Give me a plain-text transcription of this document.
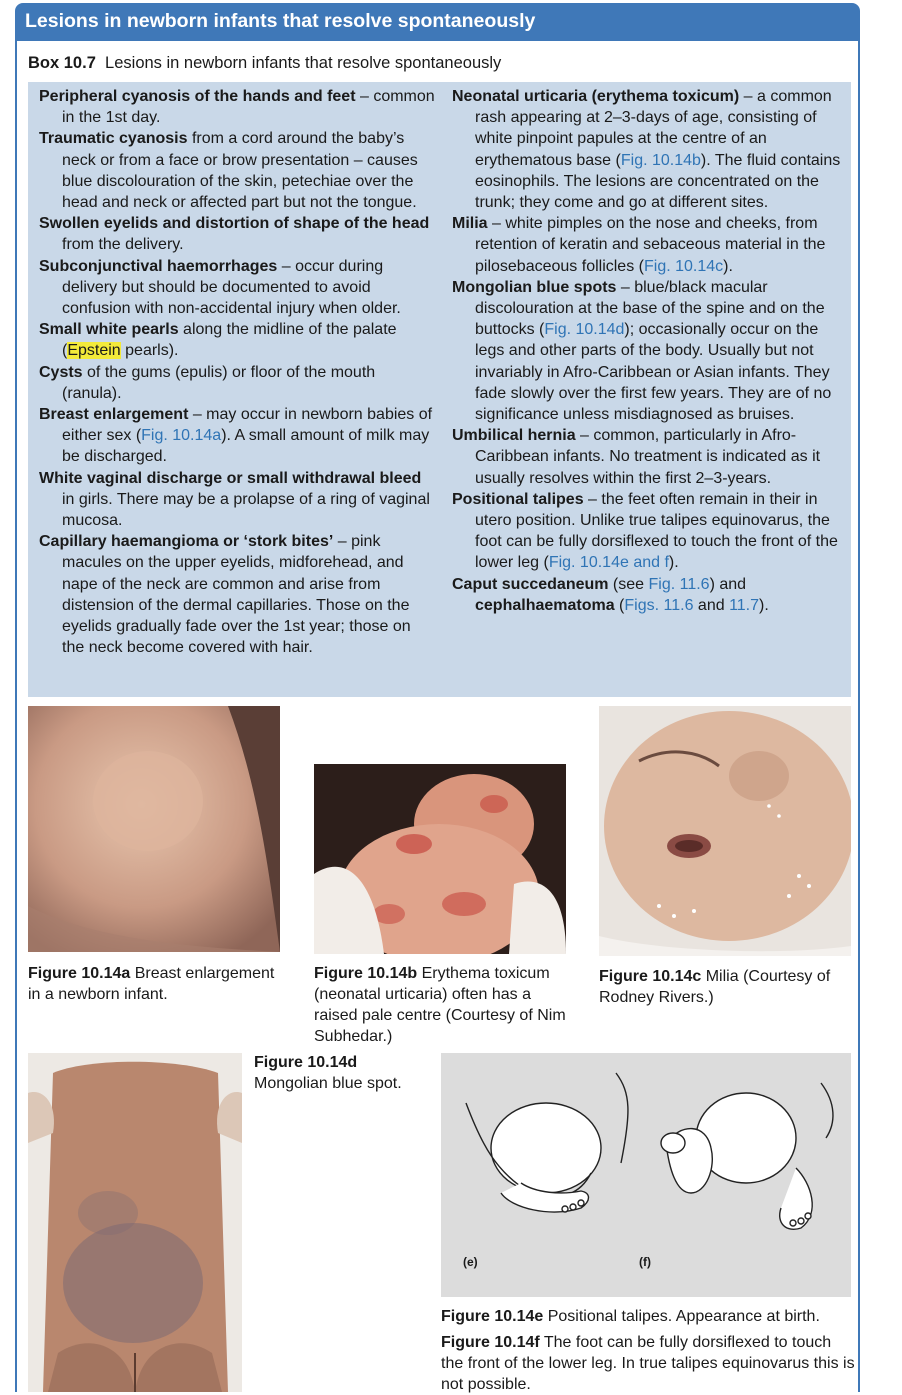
Lesions in newborn infants that resolve spontaneously
Box 10.7 Lesions in newborn infants that resolve spontaneously

Peripheral cyanosis of the hands and feet – common in the 1st day.

Traumatic cyanosis from a cord around the baby’s neck or from a face or brow presentation – causes blue discolouration of the skin, petechiae over the head and neck or affected part but not the tongue.

Swollen eyelids and distortion of shape of the head from the delivery.

Subconjunctival haemorrhages – occur during delivery but should be documented to avoid confusion with non-accidental injury when older.

Small white pearls along the midline of the palate (Epstein pearls).

Cysts of the gums (epulis) or floor of the mouth (ranula).

Breast enlargement – may occur in newborn babies of either sex (Fig. 10.14a). A small amount of milk may be discharged.

White vaginal discharge or small withdrawal bleed in girls. There may be a prolapse of a ring of vaginal mucosa.

Capillary haemangioma or ‘stork bites’ – pink macules on the upper eyelids, midforehead, and nape of the neck are common and arise from distension of the dermal capillaries. Those on the eyelids gradually fade over the 1st year; those on the neck become covered with hair.

Neonatal urticaria (erythema toxicum) – a common rash appearing at 2–3-days of age, consisting of white pinpoint papules at the centre of an erythematous base (Fig. 10.14b). The fluid contains eosinophils. The lesions are concentrated on the trunk; they come and go at different sites.

Milia – white pimples on the nose and cheeks, from retention of keratin and sebaceous material in the pilosebaceous follicles (Fig. 10.14c).

Mongolian blue spots – blue/black macular discolouration at the base of the spine and on the buttocks (Fig. 10.14d); occasionally occur on the legs and other parts of the body. Usually but not invariably in Afro-Caribbean or Asian infants. They fade slowly over the first few years. They are of no significance unless misdiagnosed as bruises.

Umbilical hernia – common, particularly in Afro-Caribbean infants. No treatment is indicated as it usually resolves within the first 2–3-years.

Positional talipes – the feet often remain in their in utero position. Unlike true talipes equinovarus, the foot can be fully dorsiflexed to touch the front of the lower leg (Fig. 10.14e and f).

Caput succedaneum (see Fig. 11.6) and cephalhaematoma (Figs. 11.6 and 11.7).

Figure 10.14a Breast enlargement in a newborn infant.
Figure 10.14b Erythema toxicum (neonatal urticaria) often has a raised pale centre (Courtesy of Nim Subhedar.)
Figure 10.14c Milia (Courtesy of Rodney Rivers.)
Figure 10.14d Mongolian blue spot.
(e)	(f)
Figure 10.14e Positional talipes. Appearance at birth.
Figure 10.14f The foot can be fully dorsiflexed to touch the front of the lower leg. In true talipes equinovarus this is not possible.
